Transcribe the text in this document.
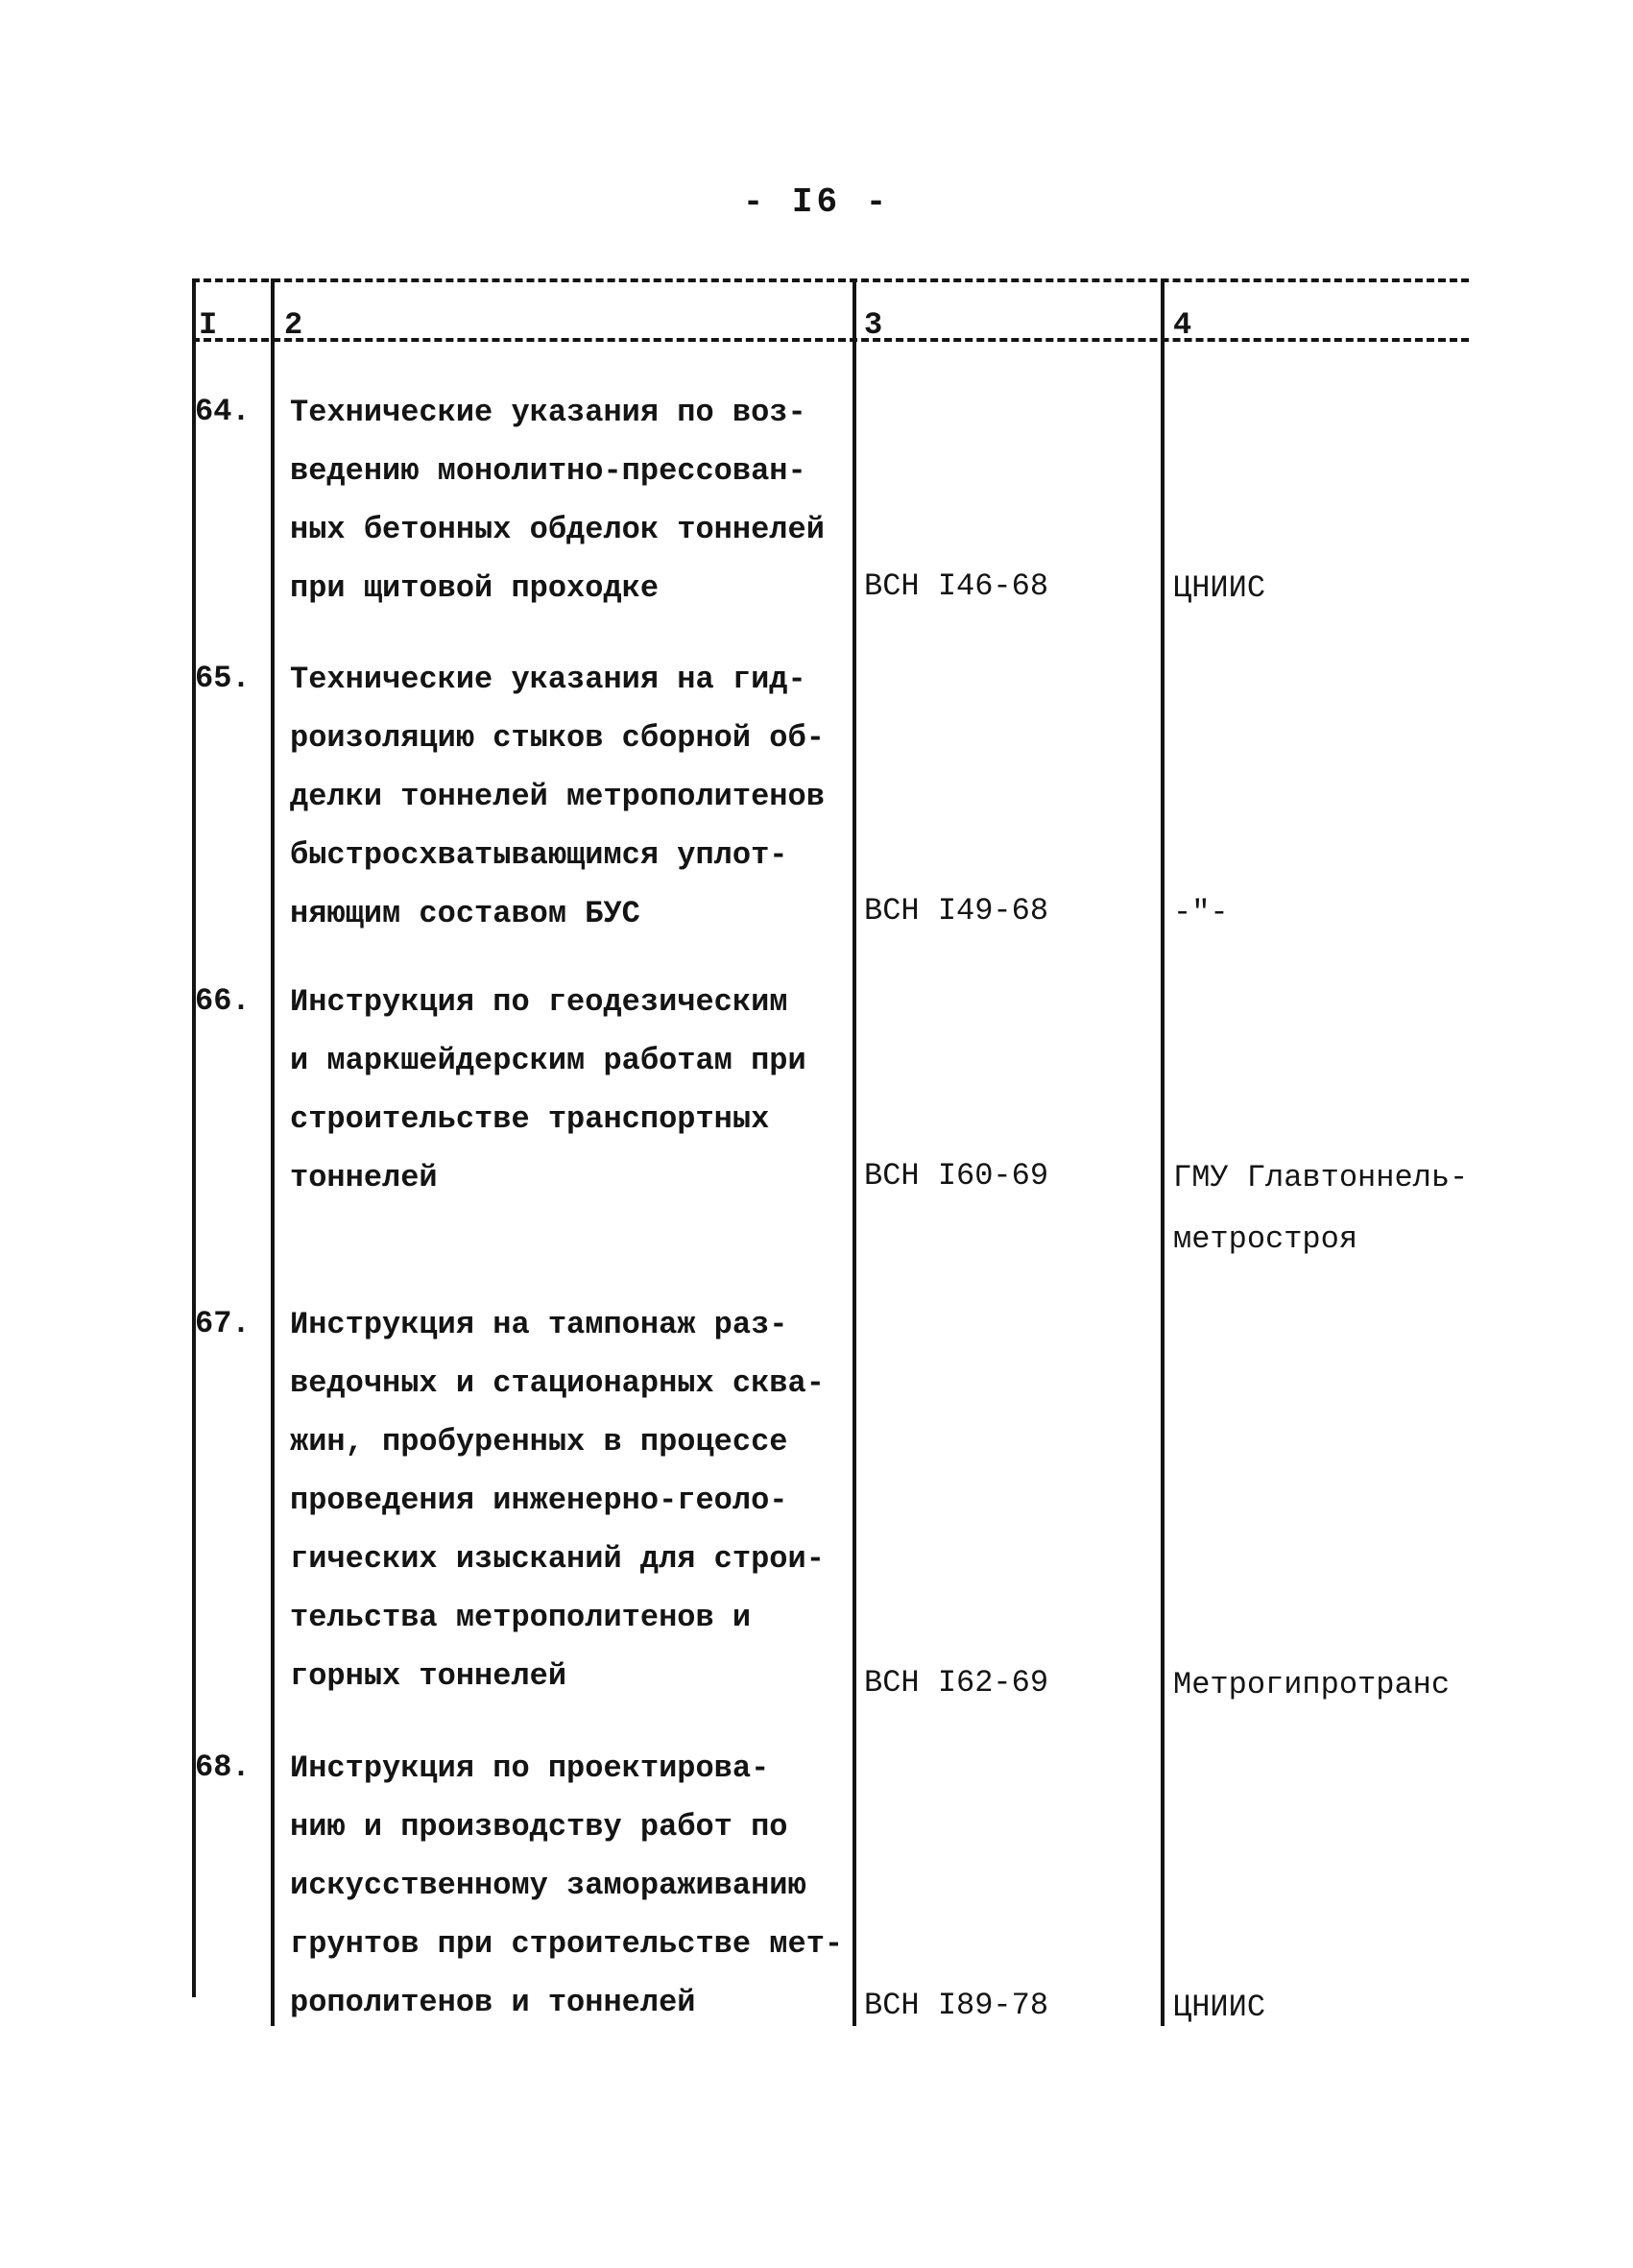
- I6 -
I 2	3	4
64. Технические указания по воз-
ведению монолитно-прессован-
ных бетонных обделок тоннелей
при щитовой проходке	ВСН I46-68	ЦНИИС
65. Технические указания на гид-
роизоляцию стыков сборной об-
делки тоннелей метрополитенов
быстросхватывающимся уплот-
няющим составом БУС	ВСН I49-68	-"-
66. Инструкция по геодезическим
и маркшейдерским работам при
строительстве транспортных
тоннелей	ВСН I60-69	ГМУ Главтоннель-
метростроя
67. Инструкция на тампонаж раз-
ведочных и стационарных сква-
жин, пробуренных в процессе
проведения инженерно-геоло-
гических изысканий для строи-
тельства метрополитенов и
горных тоннелей	ВСН I62-69	Метрогипротранс
68. Инструкция по проектирова-
нию и производству работ по
искусственному замораживанию
грунтов при строительстве мет-
рополитенов и тоннелей	ВСН I89-78	ЦНИИС
